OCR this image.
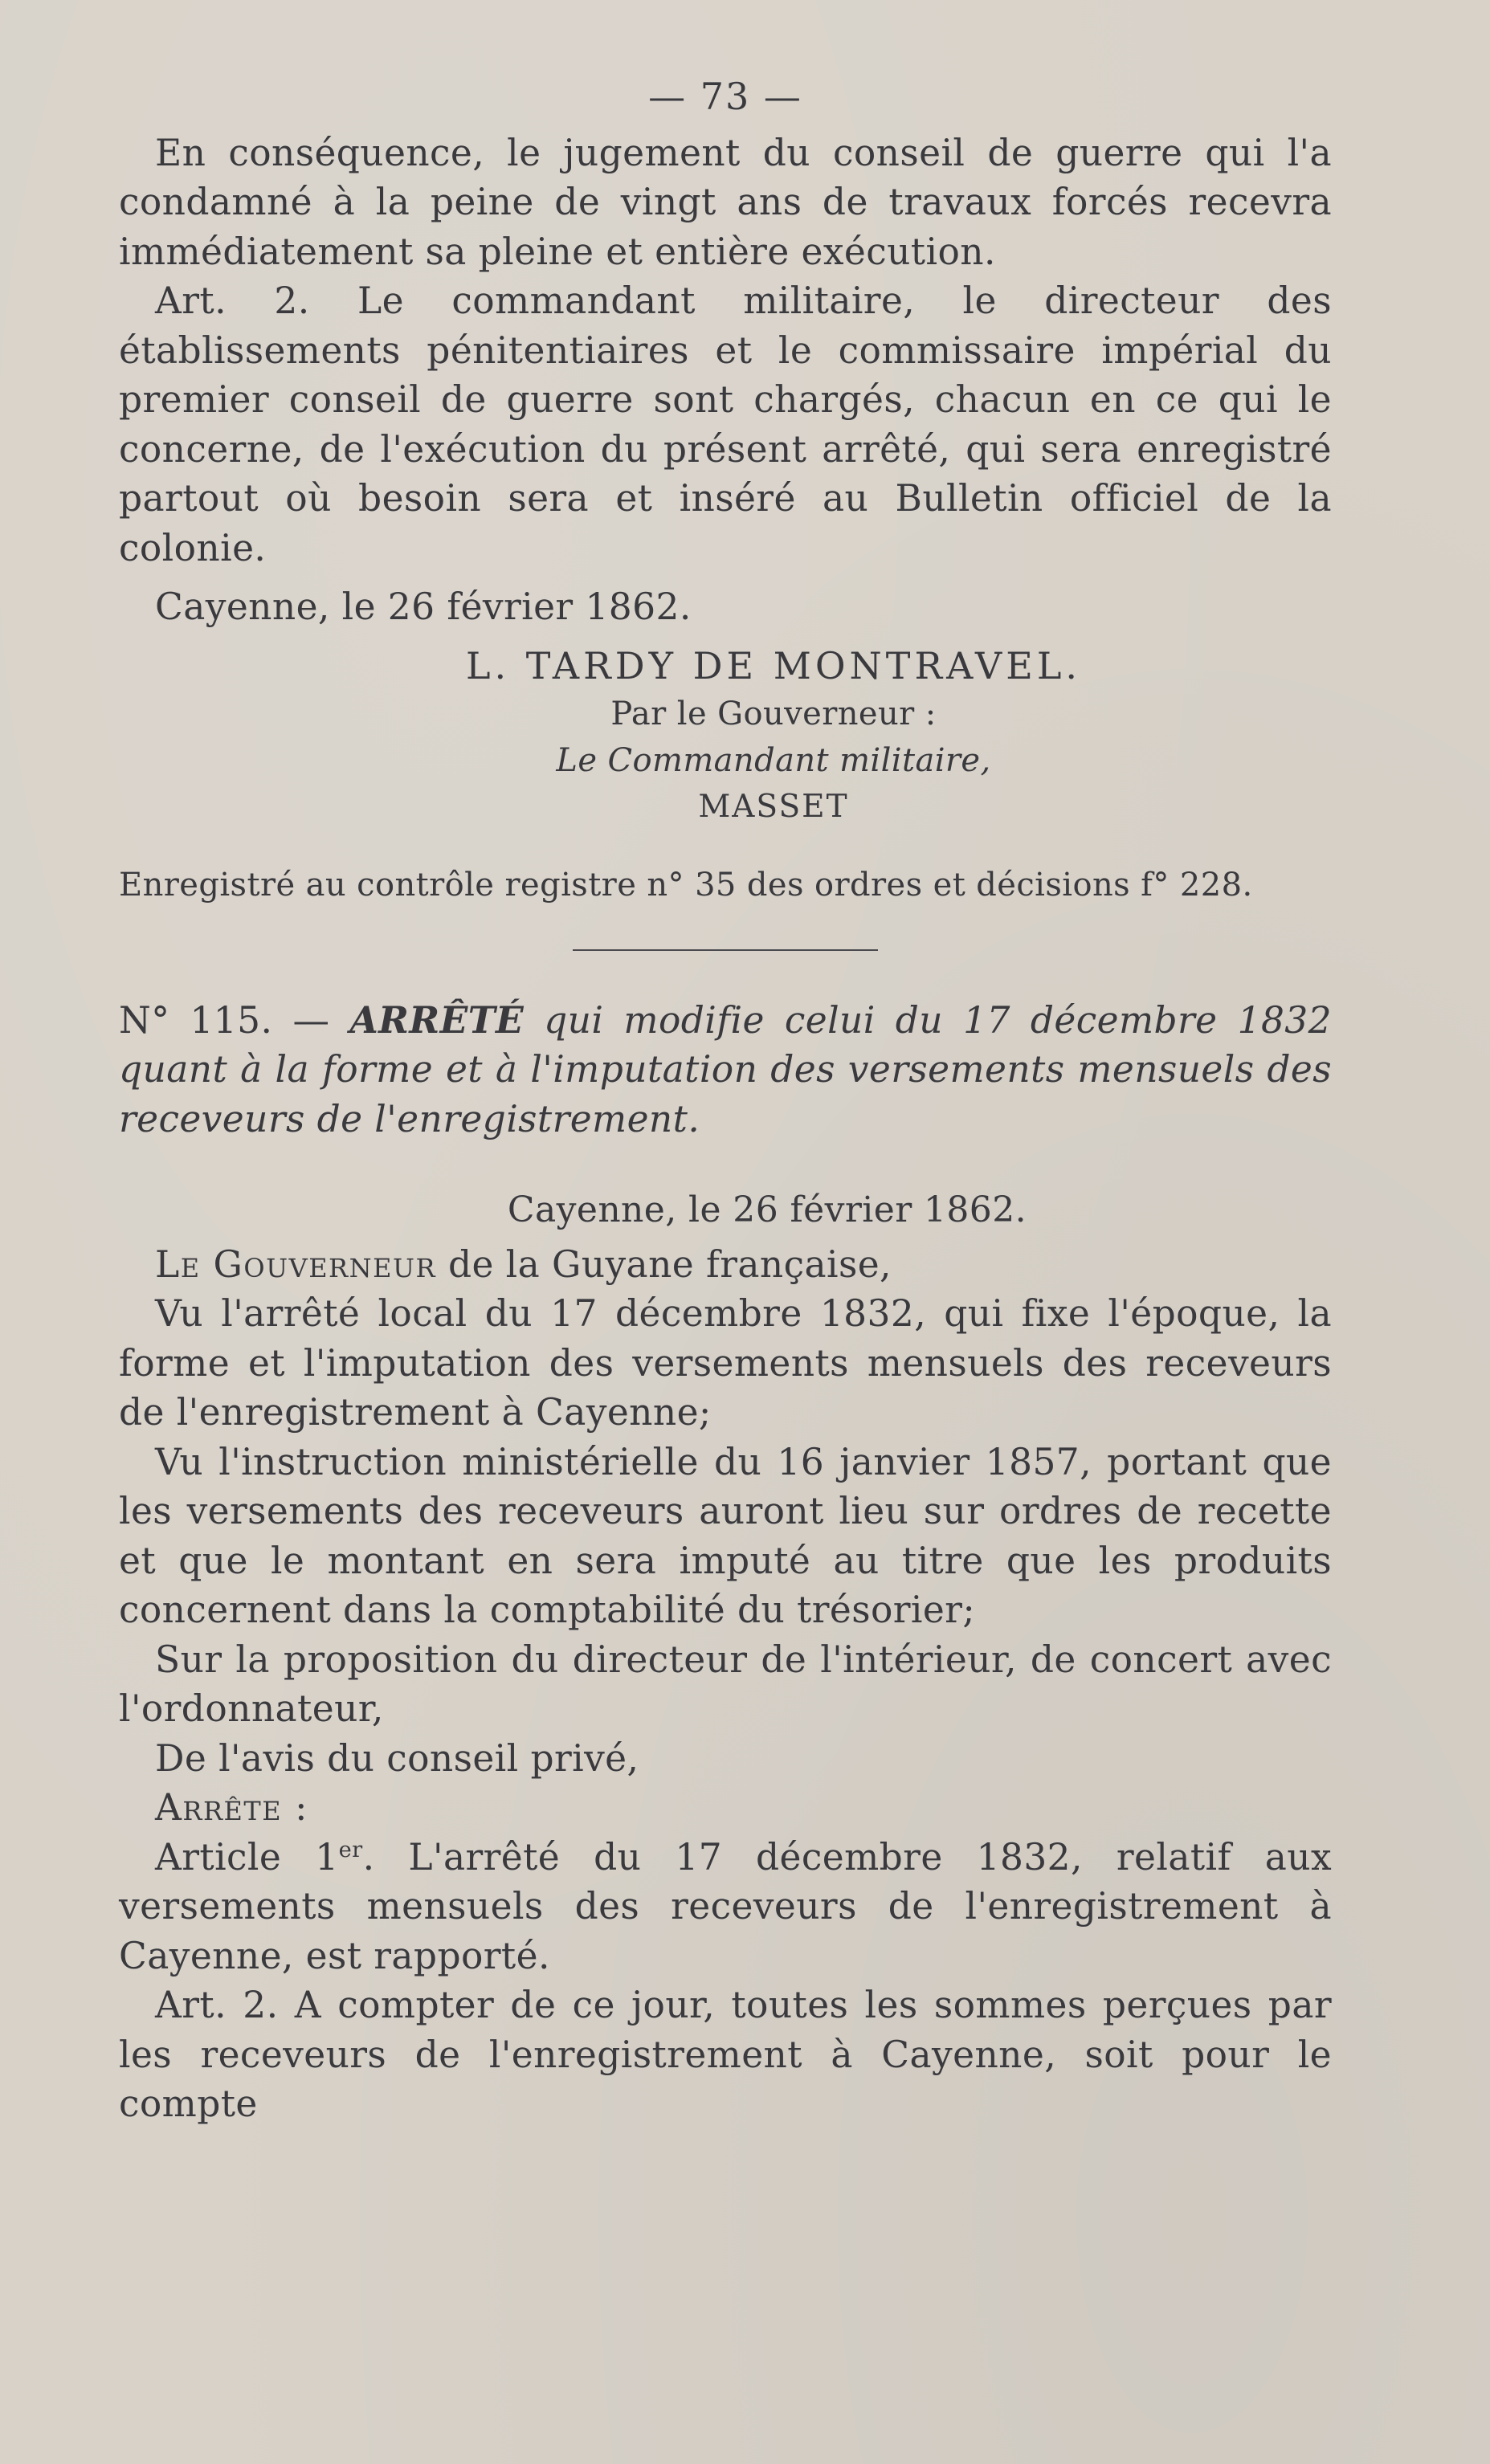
— 73 —

En conséquence, le jugement du conseil de guerre qui l'a condamné à la peine de vingt ans de travaux forcés recevra immédiatement sa pleine et entière exécution.

Art. 2. Le commandant militaire, le directeur des établissements pénitentiaires et le commissaire impérial du premier conseil de guerre sont chargés, chacun en ce qui le concerne, de l'exécution du présent arrêté, qui sera enregistré partout où besoin sera et inséré au Bulletin officiel de la colonie.

Cayenne, le 26 février 1862.

L. TARDY DE MONTRAVEL.
Par le Gouverneur :
Le Commandant militaire,
MASSET

Enregistré au contrôle registre n° 35 des ordres et décisions f° 228.

N° 115. — ARRÊTÉ qui modifie celui du 17 décembre 1832 quant à la forme et à l'imputation des versements mensuels des receveurs de l'enregistrement.

Cayenne, le 26 février 1862.

Le Gouverneur de la Guyane française,

Vu l'arrêté local du 17 décembre 1832, qui fixe l'époque, la forme et l'imputation des versements mensuels des receveurs de l'enregistrement à Cayenne;

Vu l'instruction ministérielle du 16 janvier 1857, portant que les versements des receveurs auront lieu sur ordres de recette et que le montant en sera imputé au titre que les produits concernent dans la comptabilité du trésorier;

Sur la proposition du directeur de l'intérieur, de concert avec l'ordonnateur,

De l'avis du conseil privé,

Arrête :

Article 1er. L'arrêté du 17 décembre 1832, relatif aux versements mensuels des receveurs de l'enregistrement à Cayenne, est rapporté.

Art. 2. A compter de ce jour, toutes les sommes perçues par les receveurs de l'enregistrement à Cayenne, soit pour le compte
